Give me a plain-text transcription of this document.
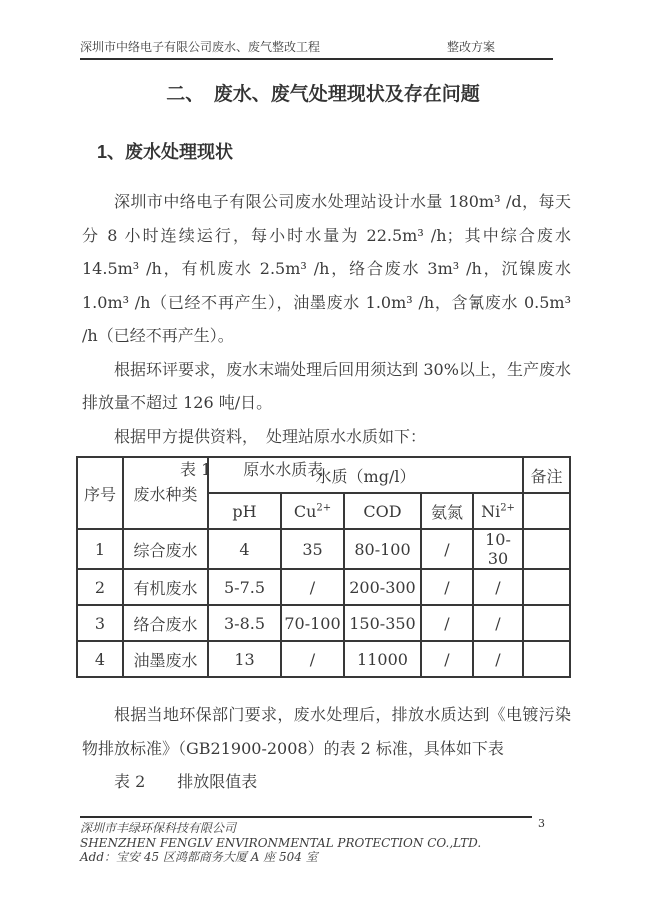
深圳市中络电子有限公司废水、废气整改工程	整改方案
二、　废水、废气处理现状及存在问题
1、废水处理现状

深圳市中络电子有限公司废水处理站设计水量 180m³ /d，每天分 8 小时连续运行，每小时水量为 22.5m³ /h；其中综合废水 14.5m³ /h，有机废水 2.5m³ /h，络合废水 3m³ /h，沉镍废水 1.0m³ /h（已经不再产生），油墨废水 1.0m³ /h，含氰废水 0.5m³ /h（已经不再产生）。

根据环评要求，废水末端处理后回用须达到 30%以上，生产废水排放量不超过 126 吨/日。

根据甲方提供资料，　处理站原水水质如下：

表 1　　原水水质表

序号	废水种类	水质（mg/l）					备注
		pH	$Cu^{2+}$	COD	氨氮	$Ni^{2+}$	
1	综合废水	4	35	80-100	/	10-30	
2	有机废水	5-7.5	/	200-300	/	/	
3	络合废水	3-8.5	70-100	150-350	/	/	
4	油墨废水	13	/	11000	/	/	

根据当地环保部门要求，废水处理后，排放水质达到《电镀污染物排放标准》（GB21900-2008）的表 2 标准，具体如下表

表 2　　排放限值表

3
深圳市丰绿环保科技有限公司
SHENZHEN FENGLV ENVIRONMENTAL PROTECTION CO.,LTD.
Add：宝安 45 区鸿都商务大厦 A 座 504 室
